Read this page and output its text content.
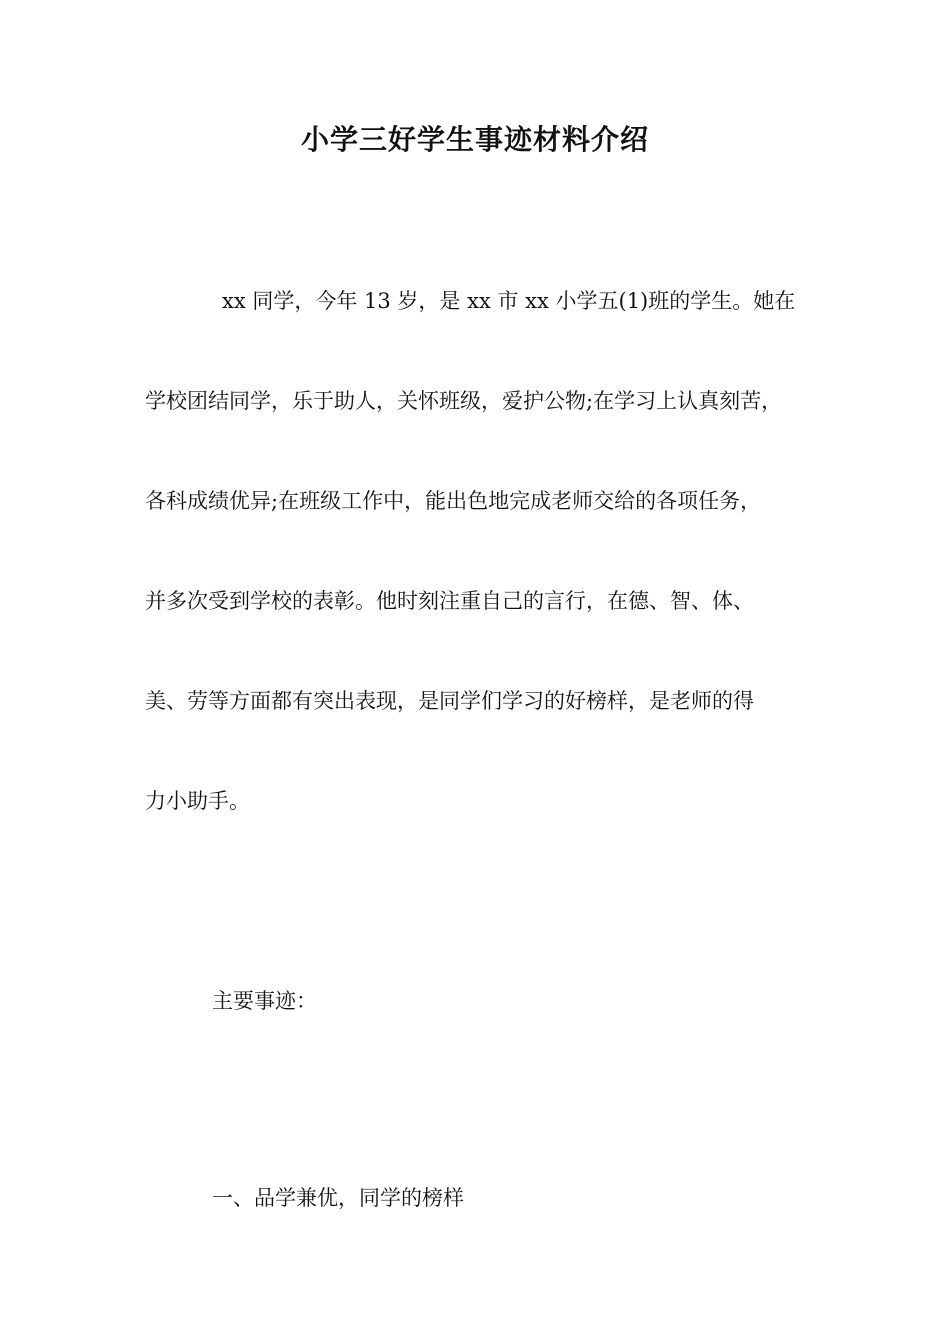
小学三好学生事迹材料介绍

xx 同学，今年 13 岁，是 xx 市 xx 小学五(1)班的学生。她在

学校团结同学，乐于助人，关怀班级，爱护公物;在学习上认真刻苦，

各科成绩优异;在班级工作中，能出色地完成老师交给的各项任务，

并多次受到学校的表彰。他时刻注重自己的言行，在德、智、体、

美、劳等方面都有突出表现，是同学们学习的好榜样，是老师的得

力小助手。

主要事迹：

一、品学兼优，同学的榜样
